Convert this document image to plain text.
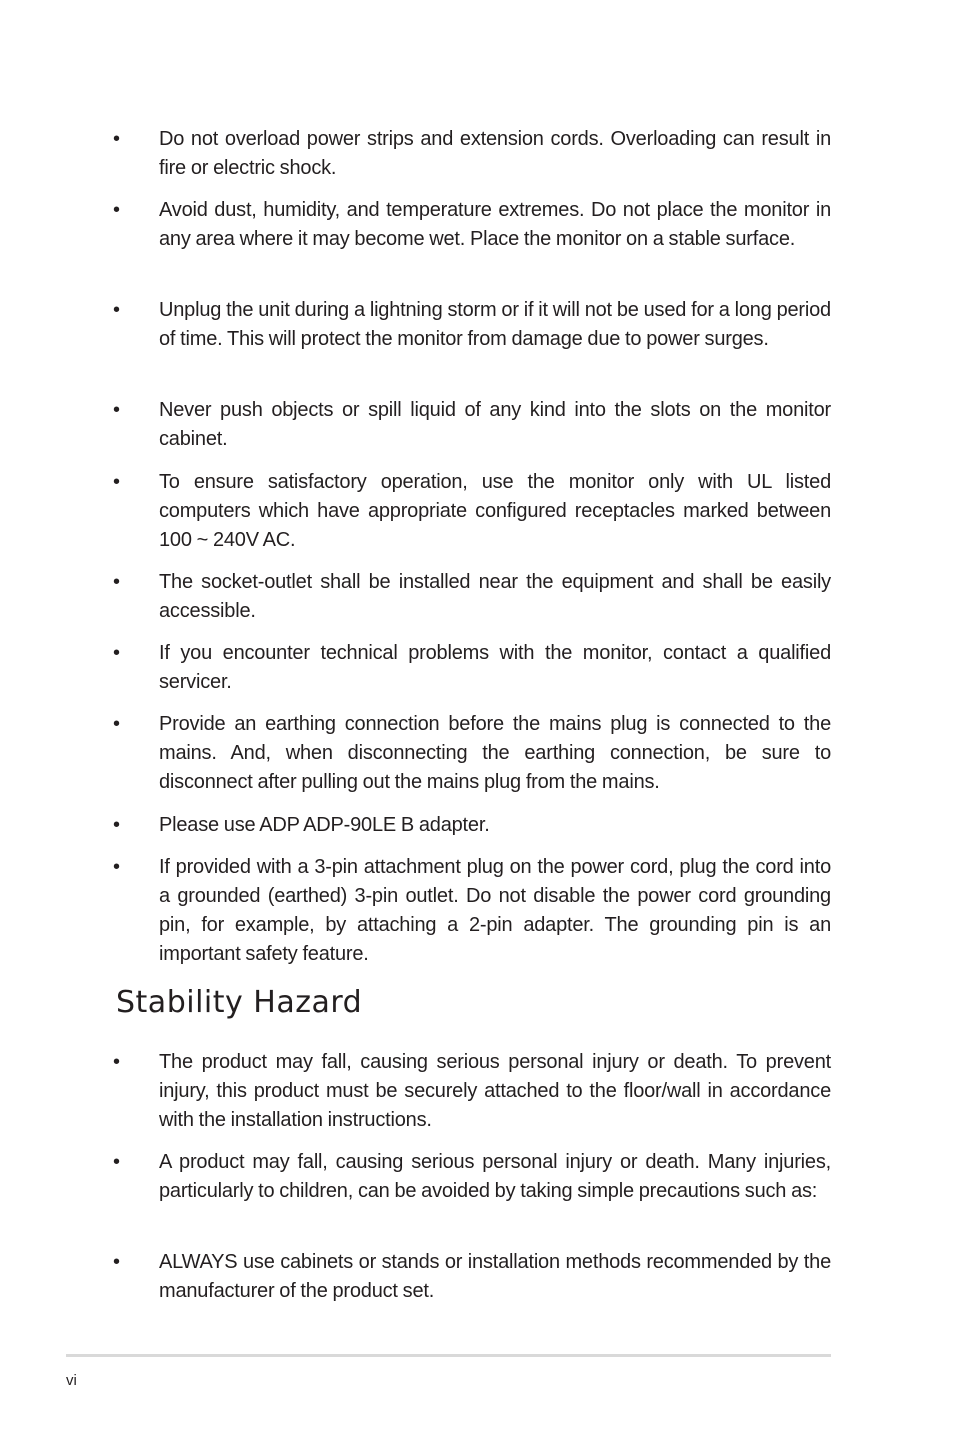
• Do not overload power strips and extension cords. Overloading can result in fire or electric shock.
• Avoid dust, humidity, and temperature extremes. Do not place the monitor in any area where it may become wet. Place the monitor on a stable surface.
• Unplug the unit during a lightning storm or if it will not be used for a long period of time. This will protect the monitor from damage due to power surges.
• Never push objects or spill liquid of any kind into the slots on the monitor cabinet.
• To ensure satisfactory operation, use the monitor only with UL listed computers which have appropriate configured receptacles marked between 100 ~ 240V AC.
• The socket-outlet shall be installed near the equipment and shall be easily accessible.
• If you encounter technical problems with the monitor, contact a qualified servicer.
• Provide an earthing connection before the mains plug is connected to the mains. And, when disconnecting the earthing connection, be sure to disconnect after pulling out the mains plug from the mains.
• Please use ADP ADP-90LE B adapter.
• If provided with a 3-pin attachment plug on the power cord, plug the cord into a grounded (earthed) 3-pin outlet. Do not disable the power cord grounding pin, for example, by attaching a 2-pin adapter. The grounding pin is an important safety feature.
Stability Hazard
• The product may fall, causing serious personal injury or death. To prevent injury, this product must be securely attached to the floor/wall in accordance with the installation instructions.
• A product may fall, causing serious personal injury or death. Many injuries, particularly to children, can be avoided by taking simple precautions such as:
• ALWAYS use cabinets or stands or installation methods recommended by the manufacturer of the product set.
vi
